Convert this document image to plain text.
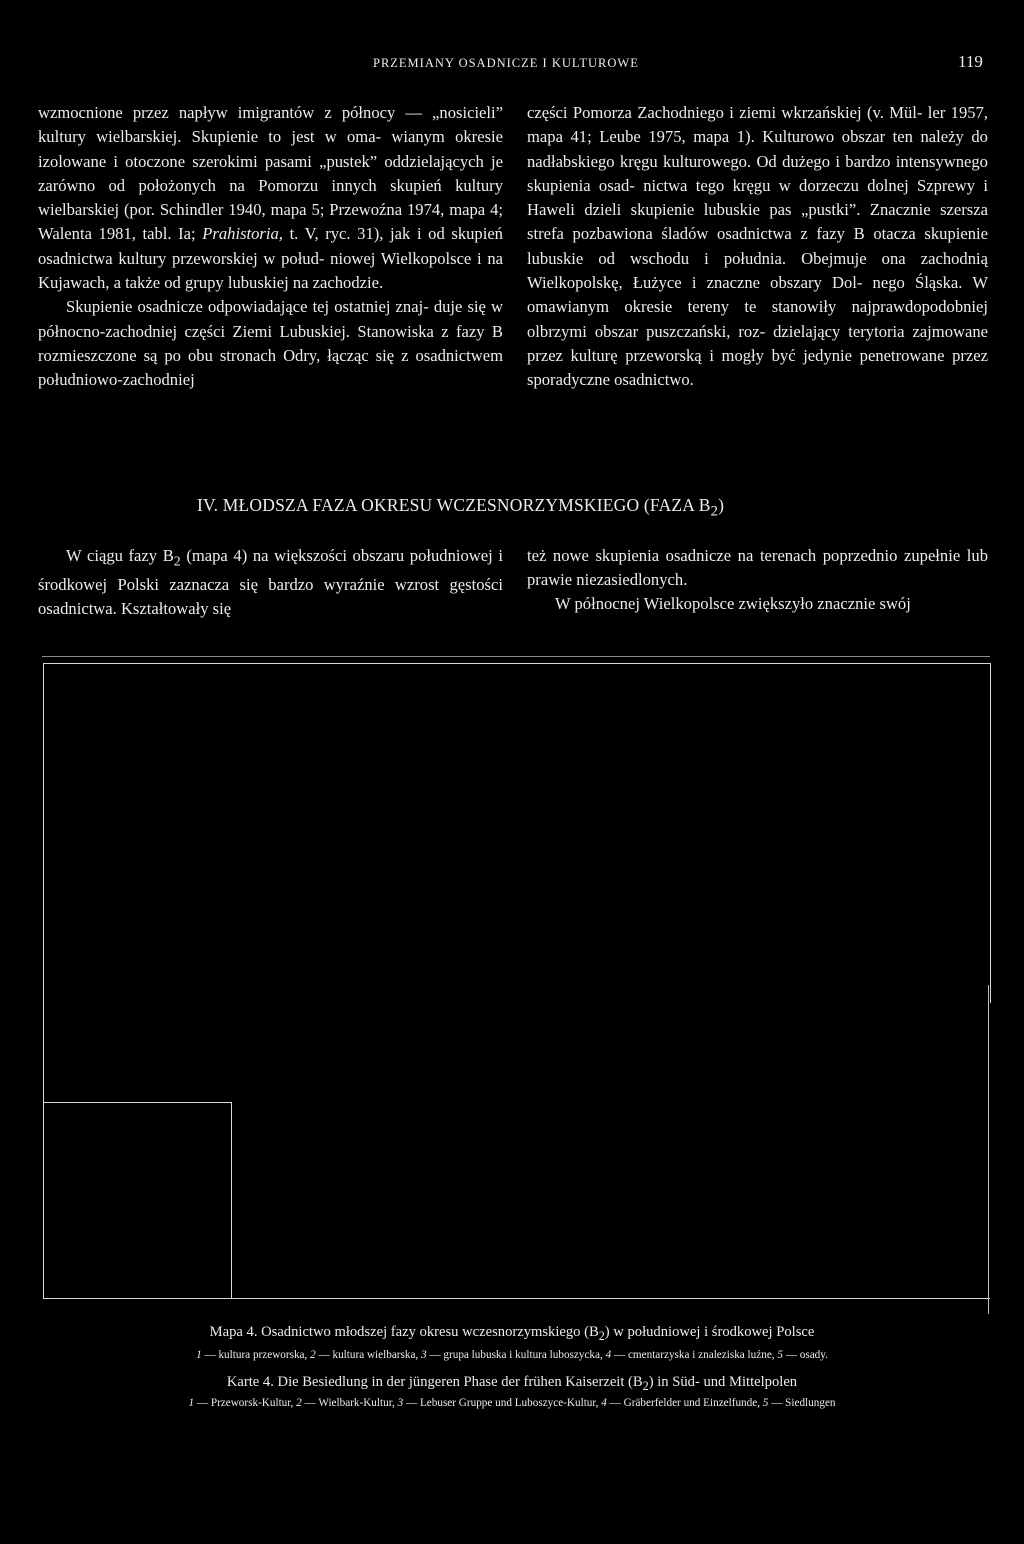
PRZEMIANY OSADNICZE I KULTUROWE	119

wzmocnione przez napływ imigrantów z północy — „nosicieli” kultury wielbarskiej. Skupienie to jest w oma- wianym okresie izolowane i otoczone szerokimi pasami „pustek” oddzielających je zarówno od położonych na Pomorzu innych skupień kultury wielbarskiej (por. Schindler 1940, mapa 5; Przewoźna 1974, mapa 4; Walenta 1981, tabl. Ia; Prahistoria, t. V, ryc. 31), jak i od skupień osadnictwa kultury przeworskiej w połud- niowej Wielkopolsce i na Kujawach, a także od grupy lubuskiej na zachodzie.

Skupienie osadnicze odpowiadające tej ostatniej znaj- duje się w północno-zachodniej części Ziemi Lubuskiej. Stanowiska z fazy B rozmieszczone są po obu stronach Odry, łącząc się z osadnictwem południowo-zachodniej

części Pomorza Zachodniego i ziemi wkrzańskiej (v. Mül- ler 1957, mapa 41; Leube 1975, mapa 1). Kulturowo obszar ten należy do nadłabskiego kręgu kulturowego. Od dużego i bardzo intensywnego skupienia osad- nictwa tego kręgu w dorzeczu dolnej Szprewy i Haweli dzieli skupienie lubuskie pas „pustki”. Znacznie szersza strefa pozbawiona śladów osadnictwa z fazy B otacza skupienie lubuskie od wschodu i południa. Obejmuje ona zachodnią Wielkopolskę, Łużyce i znaczne obszary Dol- nego Śląska. W omawianym okresie tereny te stanowiły najprawdopodobniej olbrzymi obszar puszczański, roz- dzielający terytoria zajmowane przez kulturę przeworską i mogły być jedynie penetrowane przez sporadyczne osadnictwo.

IV. MŁODSZA FAZA OKRESU WCZESNORZYMSKIEGO (FAZA $B_2$)

W ciągu fazy $B_2$ (mapa 4) na większości obszaru południowej i środkowej Polski zaznacza się bardzo wyraźnie wzrost gęstości osadnictwa. Kształtowały się

też nowe skupienia osadnicze na terenach poprzednio zupełnie lub prawie niezasiedlonych.

W północnej Wielkopolsce zwiększyło znacznie swój

Mapa 4. Osadnictwo młodszej fazy okresu wczesnorzymskiego $(B_2)$ w południowej i środkowej Polsce
1 — kultura przeworska, 2 — kultura wielbarska, 3 — grupa lubuska i kultura luboszycka, 4 — cmentarzyska i znaleziska luźne, 5 — osady.
Karte 4. Die Besiedlung in der jüngeren Phase der frühen Kaiserzeit $(B_2)$ in Süd- und Mittelpolen
1 — Przeworsk-Kultur, 2 — Wielbark-Kultur, 3 — Lebuser Gruppe und Luboszyce-Kultur, 4 — Gräberfelder und Einzelfunde, 5 — Siedlungen
